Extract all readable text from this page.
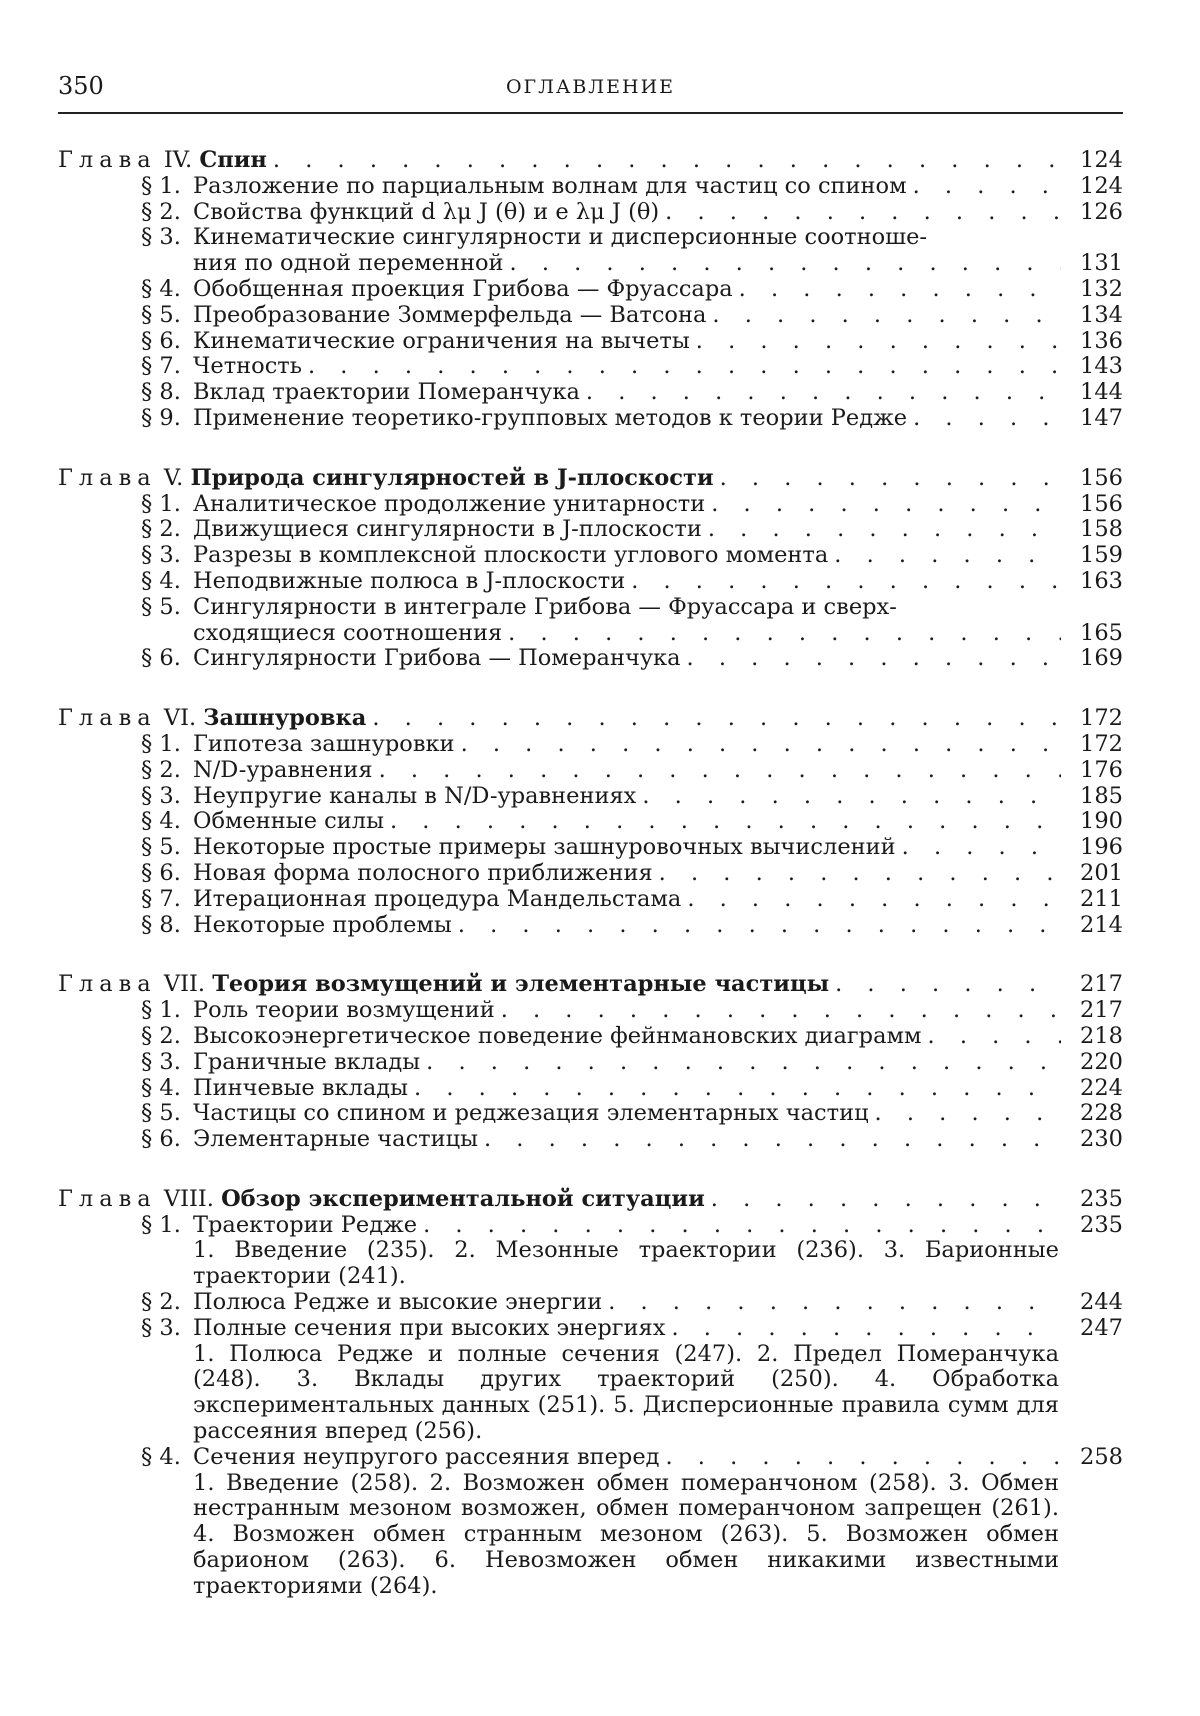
350	ОГЛАВЛЕНИЕ
Глава IV. Спин . . .	124
§ 1. Разложение по парциальным волнам для частиц со спином . . .	124
§ 2. Свойства функций d λμ J (θ) и e λμ J (θ) . . .	126
§ 3. Кинематические сингулярности и дисперсионные соотноше-
ния по одной переменной . . .	131
§ 4. Обобщенная проекция Грибова — Фруассара . . .	132
§ 5. Преобразование Зоммерфельда — Ватсона . . .	134
§ 6. Кинематические ограничения на вычеты . . .	136
§ 7. Четность . . .	143
§ 8. Вклад траектории Померанчука . . .	144
§ 9. Применение теоретико-групповых методов к теории Редже . . .	147
Глава V. Природа сингулярностей в J-плоскости . . .	156
§ 1. Аналитическое продолжение унитарности . . .	156
§ 2. Движущиеся сингулярности в J-плоскости . . .	158
§ 3. Разрезы в комплексной плоскости углового момента . . .	159
§ 4. Неподвижные полюса в J-плоскости . . .	163
§ 5. Сингулярности в интеграле Грибова — Фруассара и сверх-
сходящиеся соотношения . . .	165
§ 6. Сингулярности Грибова — Померанчука . . .	169
Глава VI. Зашнуровка . . .	172
§ 1. Гипотеза зашнуровки . . .	172
§ 2. N/D-уравнения . . .	176
§ 3. Неупругие каналы в N/D-уравнениях . . .	185
§ 4. Обменные силы . . .	190
§ 5. Некоторые простые примеры зашнуровочных вычислений . . .	196
§ 6. Новая форма полосного приближения . . .	201
§ 7. Итерационная процедура Мандельстама . . .	211
§ 8. Некоторые проблемы . . .	214
Глава VII. Теория возмущений и элементарные частицы . . .	217
§ 1. Роль теории возмущений . . .	217
§ 2. Высокоэнергетическое поведение фейнмановских диаграмм . . .	218
§ 3. Граничные вклады . . .	220
§ 4. Пинчевые вклады . . .	224
§ 5. Частицы со спином и реджезация элементарных частиц . . .	228
§ 6. Элементарные частицы . . .	230
Глава VIII. Обзор экспериментальной ситуации . . .	235
§ 1. Траектории Редже . . .	235
1. Введение (235). 2. Мезонные траектории (236). 3. Барионные траектории (241).
§ 2. Полюса Редже и высокие энергии . . .	244
§ 3. Полные сечения при высоких энергиях . . .	247
1. Полюса Редже и полные сечения (247). 2. Предел Померанчука (248). 3. Вклады других траекторий (250). 4. Обработка экспериментальных данных (251). 5. Дисперсионные правила сумм для рассеяния вперед (256).
§ 4. Сечения неупругого рассеяния вперед . . .	258
1. Введение (258). 2. Возможен обмен померанчоном (258). 3. Обмен нестранным мезоном возможен, обмен померанчоном запрещен (261). 4. Возможен обмен странным мезоном (263). 5. Возможен обмен барионом (263). 6. Невозможен обмен никакими известными траекториями (264).
